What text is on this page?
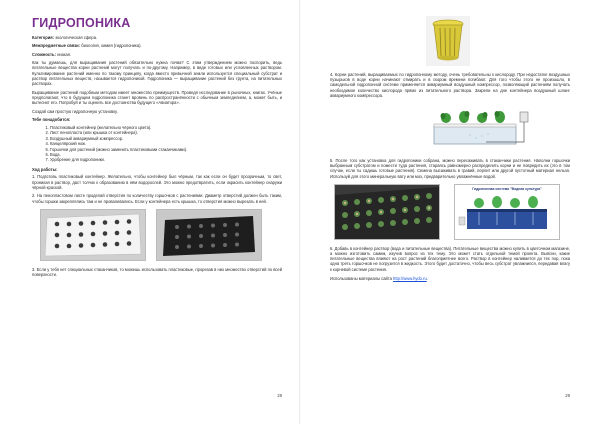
ГИДРОПОНИКА
Категория: экологическая сфера.
Межпредметные связи: биология, химия (гидропоника).
Сложность: низкая.

Как ты думаешь, для выращивания растений обязательно нужна почва? С этим утверждением можно поспорить, ведь питательные вещества корни растений могут получать и по-другому. Например, в виде готовых или условленных раствором. Культивирование растений именно по такому принципу, когда вместо привычной земли используется специальный субстрат и раствор питательных веществ, называется гидропоникой. Гидропоника — выращивание растений без грунта, на питательных растворах.

Выращивание растений подобным методом имеет множество преимуществ. Проведя исследование в рыночных, книгах. Учёные предполагают, что в будущем гидропоника станет вровень по распространённости с обычным земледелием, а, может быть, и вытеснит его. Попробуй и ты оценить все достоинства будущего «Авиатора».

Создай сам простую гидропонную установку.

Тебе понадобится:
1. Пластиковый контейнер (желательно чёрного цвета).
2. Лист пенопласта (или крышка от контейнера).
3. Воздушный аквариумный компрессор.
4. Канцелярский нож.
5. Горшочки для растений (можно заменить пластиковыми стаканчиками).
6. Вода.
7. Удобрение для гидропоники.
Ход работы:

1. Подготовь пластиковый контейнер. Желательно, чтобы контейнер был чёрным, так как если он будет прозрачным, то свет, проникая в раствор, даст толчок к образованию в нём водорослей. Это можно предотвратить, если окрасить контейнер снаружи чёрной краской.

2. На пенопластовом листе проделай отверстия по количеству горшочков с растениями. Диаметр отверстий должен быть таким, чтобы горшки закреплялись там и не проваливались. Если у контейнера есть крышка, то отверстия можно вырезать в ней.

3. Если у тебя нет специальных стаканчиков, то можешь использовать пластиковые, прорезав в них множество отверстий по всей поверхности.

28

4. Корни растений, выращиваемых по гидропонному методу, очень требовательны к кислороду. При недостатке воздушных пузырьков в воде корни начинают отмирать и в скором времени погибают. Для того чтобы этого не произошло, в самодельной гидропонной системе применяется аквариумный воздушный компрессор, позволяющий растениям получать необходимое количество кислорода прямо из питательного раствора. Закрепи на дне контейнера воздушный шланг аквариумного компрессора.

5. После того как установка для гидропоники собрана, можно пересаживать в стаканчики растения. Наполни горшочки выбранным субстратом и помести туда растения, стараясь равномерно распределить корни и не повредить их (это в том случае, если ты садишь готовые растения). Семена высаживать в гравий, перлит или другой пустотный материал нельзя. Используй для этого минеральную вату или мох, предварительно увлажнённые водой.

Гидропонная система "Водная культура"

6. Добавь в контейнер раствор (вода и питательные вещества). Питательные вещества можно купить в цветочном магазине, а можно изготовить самим, изучив вопрос из тех тему. Это может стать отдельной темой проекта. Выясни, какие питательные вещества влияют на рост растений благоприятнее всего. Раствор в контейнер наливается до тех пор, пока одна треть горшочков не погрузится в жидкость. Этого будет достаточно, чтобы весь субстрат увлажнился, передавая влагу к корневой системе растения.

Использованы материалы сайта http://www.hydo.ru.

29
